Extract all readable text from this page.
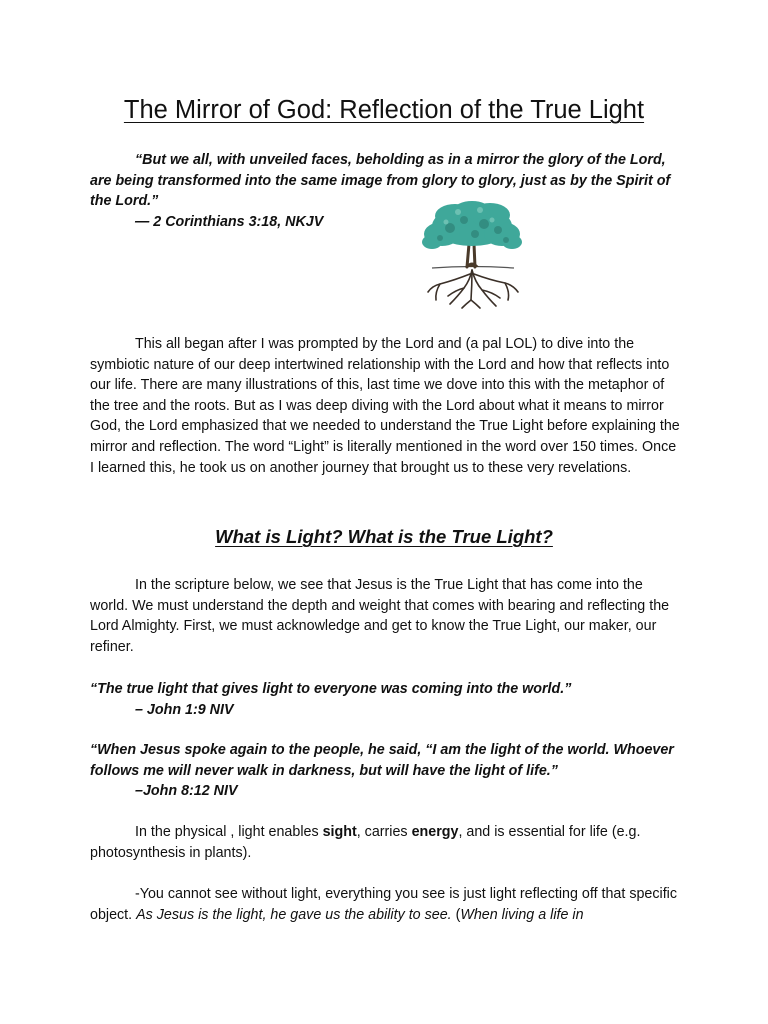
The Mirror of God: Reflection of the True Light
“But we all, with unveiled faces, beholding as in a mirror the glory of the Lord, are being transformed into the same image from glory to glory, just as by the Spirit of the Lord.”
— 2 Corinthians 3:18, NKJV
This all began after I was prompted by the Lord and (a pal LOL) to dive into the symbiotic nature of our deep intertwined relationship with the Lord and how that reflects into our life. There are many illustrations of this, last time we dove into this with the metaphor of the tree and the roots. But as I was deep diving with the Lord about what it means to mirror God, the Lord emphasized that we needed to understand the True Light before explaining the mirror and reflection. The word “Light” is literally mentioned in the word over 150 times. Once I learned this, he took us on another journey that brought us to these very revelations.
What is Light? What is the True Light?
In the scripture below, we see that Jesus is the True Light that has come into the world. We must understand the depth and weight that comes with bearing and reflecting the Lord Almighty. First, we must acknowledge and get to know the True Light, our maker, our refiner.
“The true light that gives light to everyone was coming into the world.”
– John 1:9 NIV
“When Jesus spoke again to the people, he said, “I am the light of the world. Whoever follows me will never walk in darkness, but will have the light of life.”
–John 8:12 NIV
In the physical , light enables sight, carries energy, and is essential for life (e.g. photosynthesis in plants).
-You cannot see without light, everything you see is just light reflecting off that specific object. As Jesus is the light, he gave us the ability to see. (When living a life in
